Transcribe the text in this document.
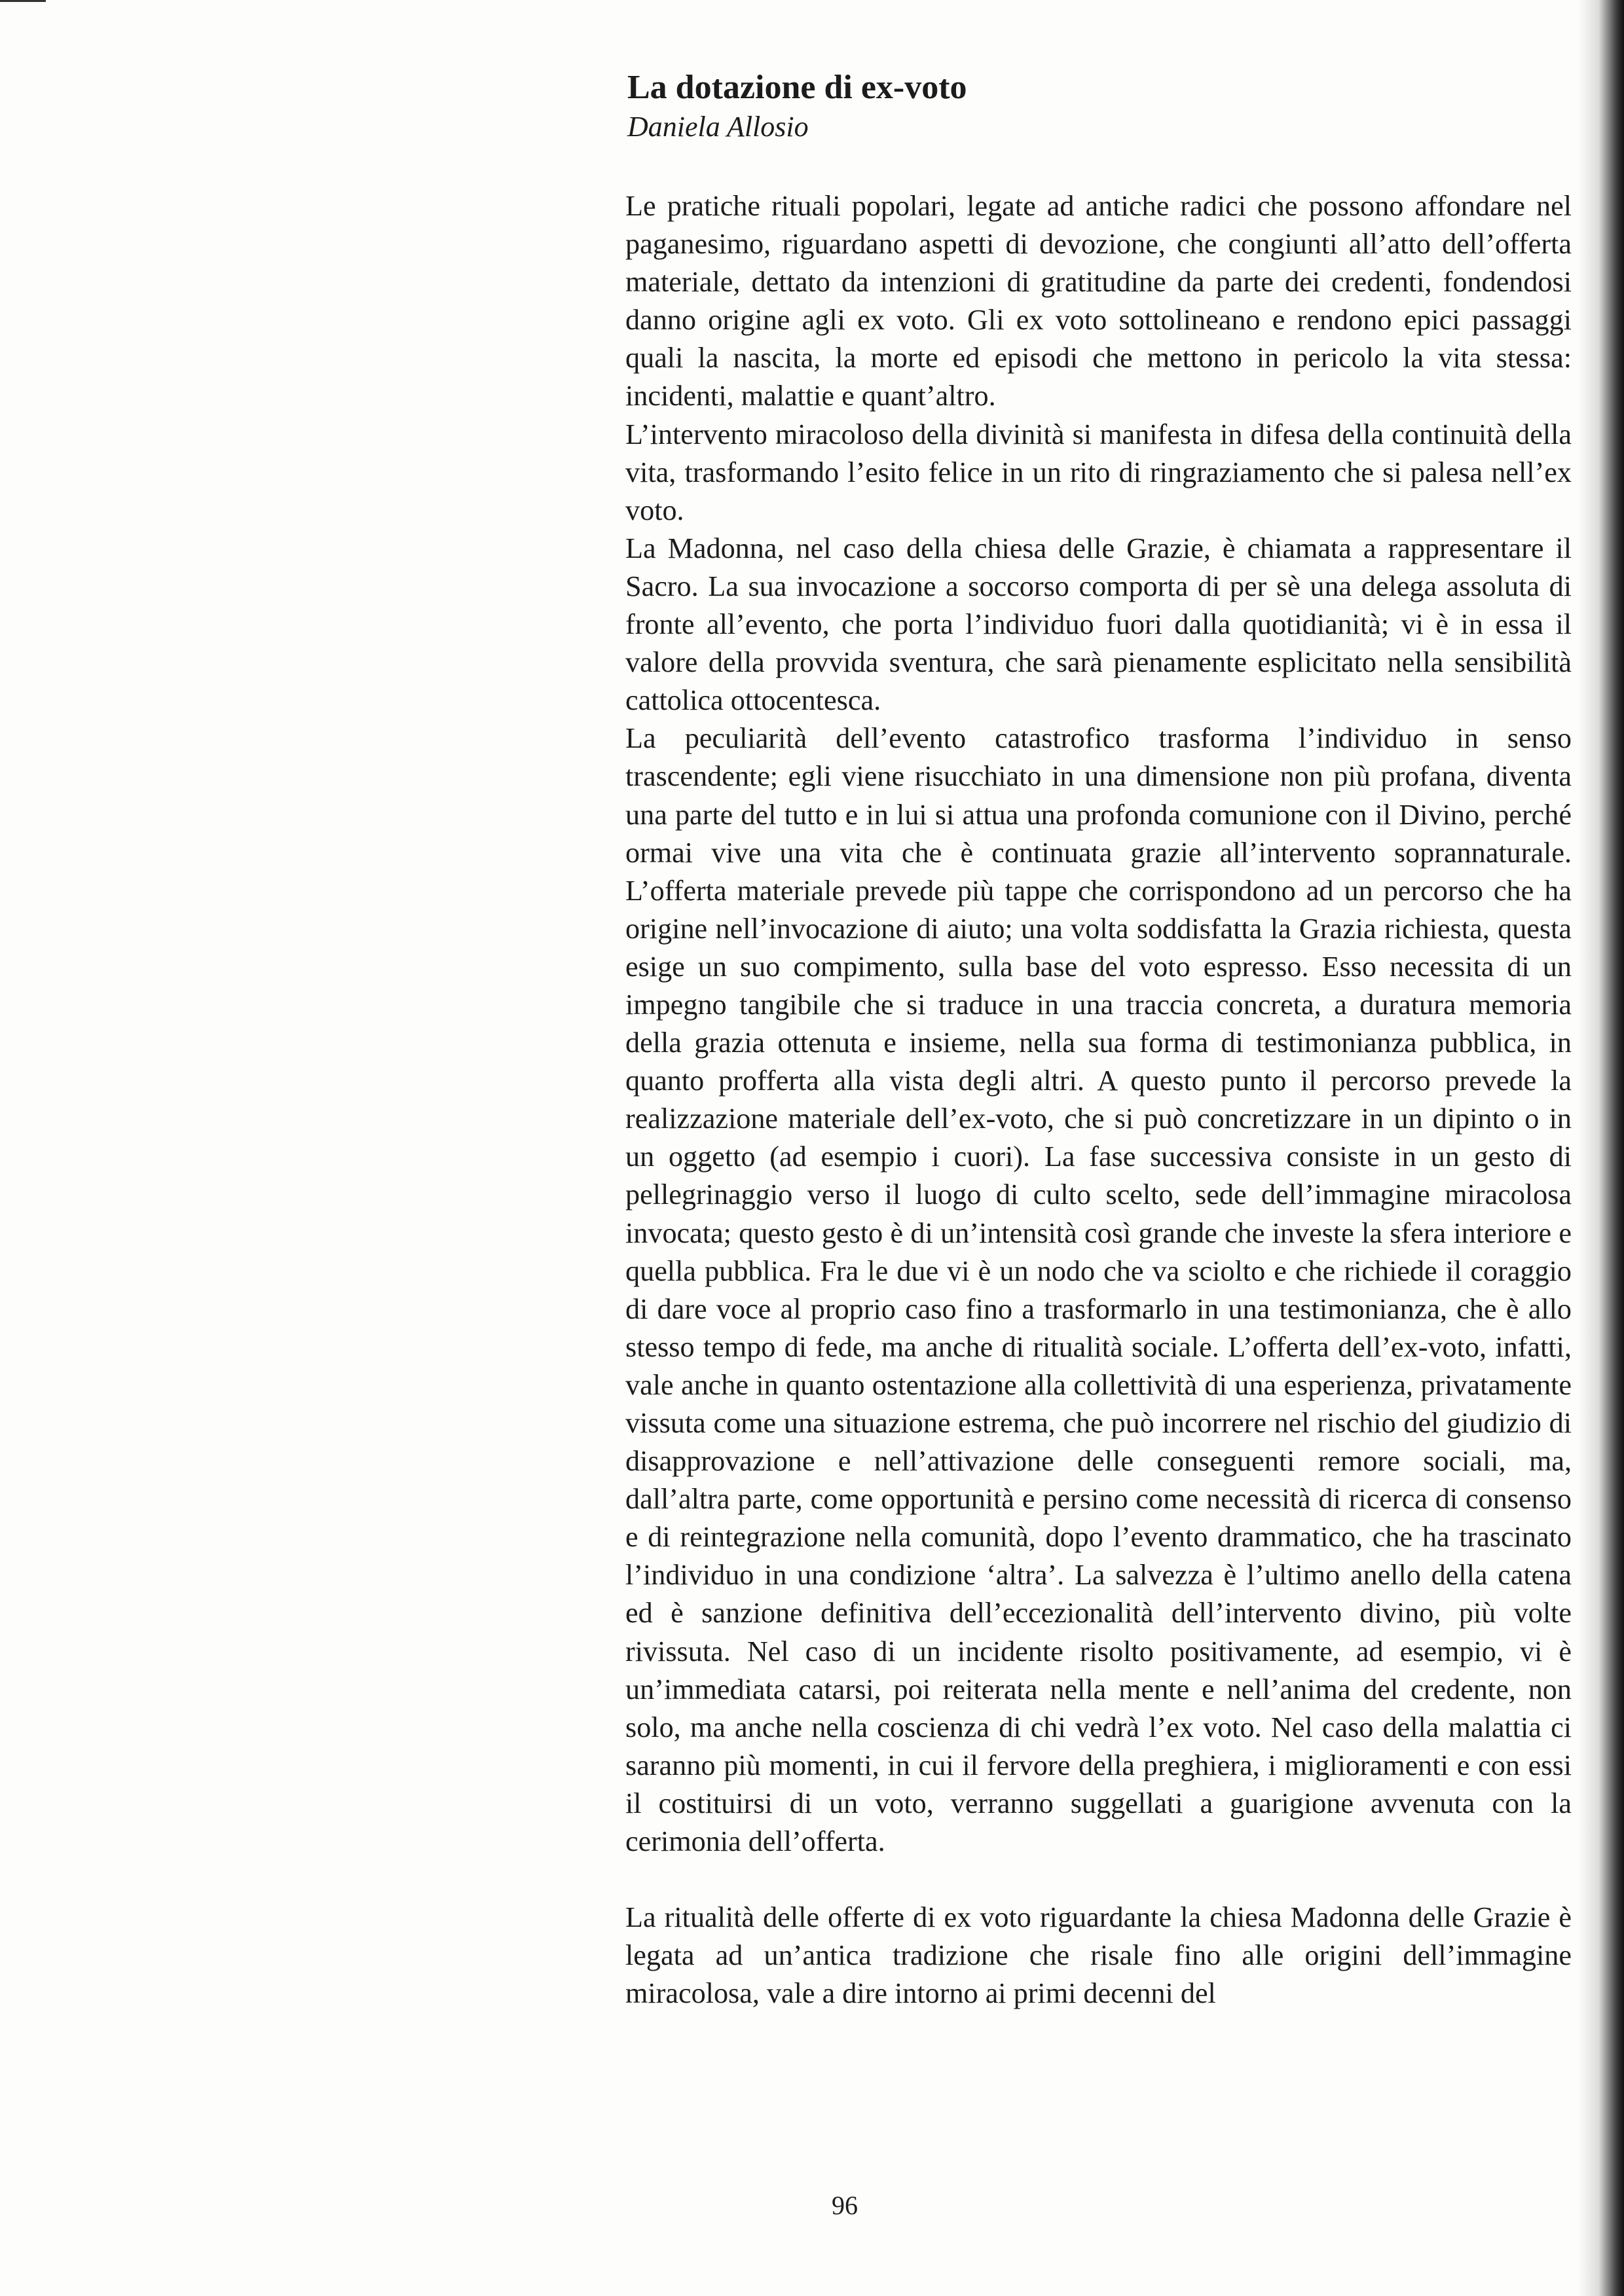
La dotazione di ex-voto

Daniela Allosio

Le pratiche rituali popolari, legate ad antiche radici che possono affondare nel paganesimo, riguardano aspetti di devozione, che congiunti all’atto dell’offerta materiale, dettato da intenzioni di gratitudine da parte dei credenti, fondendosi danno origine agli ex voto. Gli ex voto sottolineano e rendono epici passaggi quali la nascita, la morte ed episodi che mettono in pericolo la vita stessa: incidenti, malattie e quant’altro.

L’intervento miracoloso della divinità si manifesta in difesa della continuità della vita, trasformando l’esito felice in un rito di ringraziamento che si palesa nell’ex voto.

La Madonna, nel caso della chiesa delle Grazie, è chiamata a rappresentare il Sacro. La sua invocazione a soccorso comporta di per sè una delega assoluta di fronte all’evento, che porta l’individuo fuori dalla quotidianità; vi è in essa il valore della provvida sventura, che sarà pienamente esplicitato nella sensibilità cattolica ottocentesca.

La peculiarità dell’evento catastrofico trasforma l’individuo in senso trascendente; egli viene risucchiato in una dimensione non più profana, diventa una parte del tutto e in lui si attua una profonda comunione con il Divino, perché ormai vive una vita che è continuata grazie all’intervento soprannaturale. L’offerta materiale prevede più tappe che corrispondono ad un percorso che ha origine nell’invocazione di aiuto; una volta soddisfatta la Grazia richiesta, questa esige un suo compimento, sulla base del voto espresso. Esso necessita di un impegno tangibile che si traduce in una traccia concreta, a duratura memoria della grazia ottenuta e insieme, nella sua forma di testimonianza pubblica, in quanto profferta alla vista degli altri. A questo punto il percorso prevede la realizzazione materiale dell’ex-voto, che si può concretizzare in un dipinto o in un oggetto (ad esempio i cuori). La fase successiva consiste in un gesto di pellegrinaggio verso il luogo di culto scelto, sede dell’immagine miracolosa invocata; questo gesto è di un’intensità così grande che investe la sfera interiore e quella pubblica. Fra le due vi è un nodo che va sciolto e che richiede il coraggio di dare voce al proprio caso fino a trasformarlo in una testimonianza, che è allo stesso tempo di fede, ma anche di ritualità sociale. L’offerta dell’ex-voto, infatti, vale anche in quanto ostentazione alla collettività di una esperienza, privatamente vissuta come una situazione estrema, che può incorrere nel rischio del giudizio di disapprovazione e nell’attivazione delle conseguenti remore sociali, ma, dall’altra parte, come opportunità e persino come necessità di ricerca di consenso e di reintegrazione nella comunità, dopo l’evento drammatico, che ha trascinato l’individuo in una condizione ‘altra’. La salvezza è l’ultimo anello della catena ed è sanzione definitiva dell’eccezionalità dell’intervento divino, più volte rivissuta. Nel caso di un incidente risolto positivamente, ad esempio, vi è un’immediata catarsi, poi reiterata nella mente e nell’anima del credente, non solo, ma anche nella coscienza di chi vedrà l’ex voto. Nel caso della malattia ci saranno più momenti, in cui il fervore della preghiera, i miglioramenti e con essi il costituirsi di un voto, verranno suggellati a guarigione avvenuta con la cerimonia dell’offerta.

La ritualità delle offerte di ex voto riguardante la chiesa Madonna delle Grazie è legata ad un’antica tradizione che risale fino alle origini dell’immagine miracolosa, vale a dire intorno ai primi decenni del

96
